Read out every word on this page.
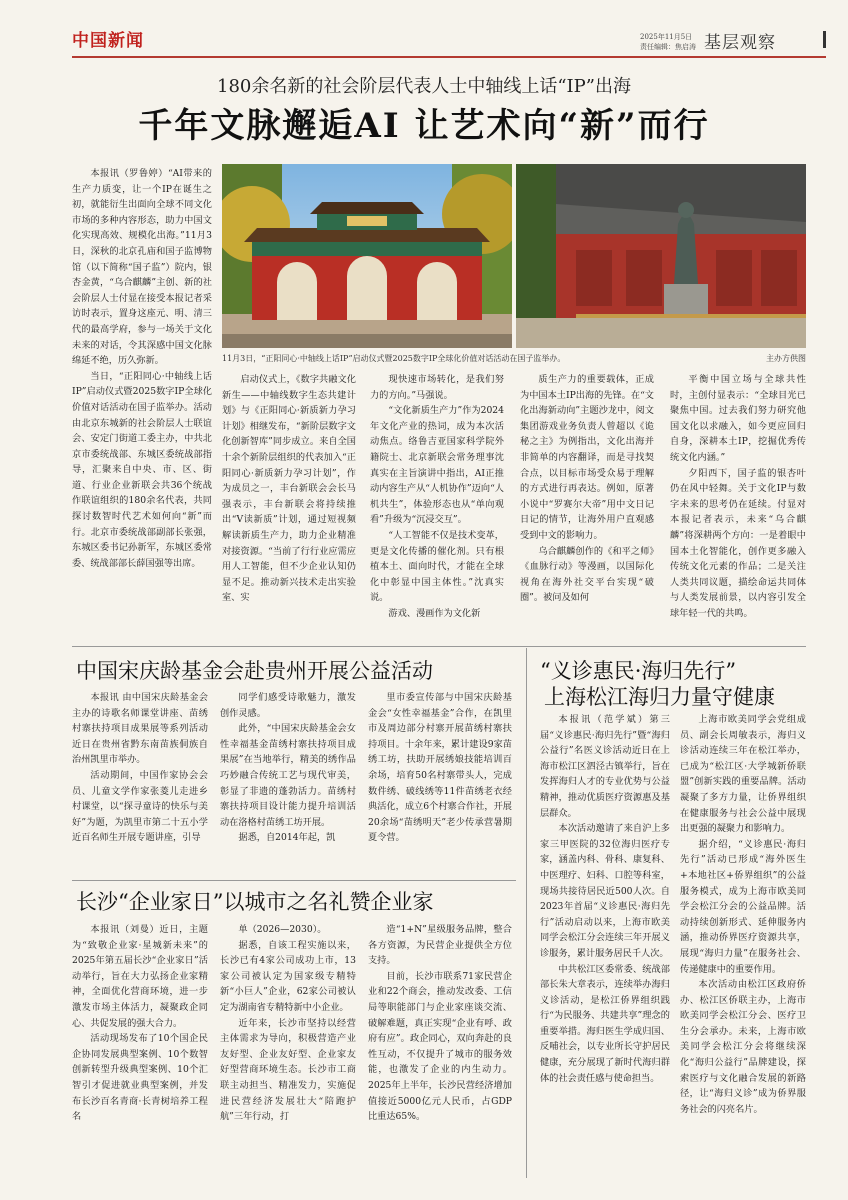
中国新闻	2025年11月5日
责任编辑：焦启涛 基层观察
180余名新的社会阶层代表人士中轴线上话“IP”出海
千年文脉邂逅AI 让艺术向“新”而行

本报讯（罗鲁婷）“AI带来的生产力质变，让一个IP在诞生之初，就能衍生出面向全球不同文化市场的多种内容形态，助力中国文化实现高效、规模化出海。”11月3日，深秋的北京孔庙和国子监博物馆（以下简称“国子监”）院内，银杏金黄，“乌合麒麟”主创、新的社会阶层人士付显在接受本报记者采访时表示，置身这座元、明、清三代的最高学府，参与一场关于文化未来的对话，令其深感中国文化脉绵延不绝，历久弥新。

当日，“正阳同心·中轴线上话IP”启动仪式暨2025数字IP全球化价值对话活动在国子监举办。活动由北京东城新的社会阶层人士联谊会、安定门街道工委主办，中共北京市委统战部、东城区委统战部指导，汇聚来自中央、市、区、街道、行业企业新联会共36个统战作联谊组织的180余名代表，共同探讨数智时代艺术如何向“新”而行。北京市委统战部副部长张强，东城区委书记孙新军，东城区委常委、统战部部长薛国强等出席。

11月3日，“正阳同心·中轴线上话IP”启动仪式暨2025数字IP全球化价值对话活动在国子监举办。	主办方供图

启动仪式上，《数字共融文化新生——中轴线数字生态共建计划》与《正阳同心·新质新力孕习计划》相继发布，“新阶层数字文化创新智库”同步成立。来自全国十余个新阶层组织的代表加入“正阳同心·新质新力孕习计划”，作为成员之一，丰台新联会会长马强表示，丰台新联会将持续推出“V读新质”计划，通过短视频解读新质生产力，助力企业精准对接资源。“当前了行行业应需应用人工智能，但不少企业认知仍显不足。推动新兴技术走出实验室、实

现快速市场转化，是我们努力的方向。”马强说。

“文化新质生产力”作为2024年文化产业的热词，成为本次活动焦点。络鲁吉亚国家科学院外籍院士、北京新联会常务理事沈真实在主旨演讲中指出，AI正推动内容生产从“人机协作”迈向“人机共生”，体验形态也从“单向观看”升级为“沉浸交互”。

“人工智能不仅是技术变革，更是文化传播的催化剂。只有根植本土、面向时代，才能在全球化中彰显中国主体性。”沈真实说。

游戏、漫画作为文化新

质生产力的重要载体，正成为中国本土IP出海的先锋。在“文化出海新动向”主题沙龙中，阅文集团游戏业务负责人曾超以《诡秘之主》为例指出，文化出海并非简单的内容翻译，而是寻找契合点，以目标市场受众易于理解的方式进行再表达。例如，原著小说中“罗赛尔大帝”用中文日记日记的情节，让海外用户直观感受到中文的影响力。

乌合麒麟创作的《和平之师》《血脉行动》等漫画，以国际化视角在海外社交平台实现“破圈”。被问及如何

平衡中国立场与全球共性时，主创付显表示：“全球目光已聚焦中国。过去我们努力研究他国文化以求融入，如今更应回归自身，深耕本土IP，挖掘优秀传统文化内涵。”

夕阳西下，国子监的银杏叶仍在风中轻舞。关于文化IP与数字未来的思考仍在延续。付显对本报记者表示，未来“乌合麒麟”将深耕两个方向：一是着眼中国本土化智能化，创作更多融入传统文化元素的作品；二是关注人类共同议题，描绘命运共同体与人类发展前景，以内容引发全球年轻一代的共鸣。

中国宋庆龄基金会赴贵州开展公益活动

本报讯 由中国宋庆龄基金会主办的诗歌名师课堂讲座、苗绣村寨扶持项目成果展等系列活动近日在贵州省黔东南苗族侗族自治州凯里市举办。

活动期间，中国作家协会会员、儿童文学作家张菱儿走进乡村课堂，以“探寻童诗的快乐与美好”为题，为凯里市第二十五小学近百名师生开展专题讲座，引导

同学们感受诗歌魅力，激发创作灵感。

此外，“中国宋庆龄基金会女性幸福基金苗绣村寨扶持项目成果展”在当地举行，精美的绣作品巧妙融合传统工艺与现代审美，彰显了非遗的蓬勃活力。苗绣村寨扶持项目设计能力提升培训活动在洛格村苗绣工坊开展。

据悉，自2014年起，凯

里市委宣传部与中国宋庆龄基金会“女性幸福基金”合作，在凯里市及周边部分村寨开展苗绣村寨扶持项目。十余年来，累计建设9家苗绣工坊，扶助开展绣娘技能培训百余场，培育50名村寨带头人，完成数件绣、破线绣等11件苗绣老衣经典活化，成立6个村寨合作社，开展20余场“苗绣明天”老少传承营暑期夏令营。

长沙“企业家日”以城市之名礼赞企业家

本报讯（刘曼）近日，主题为“致敬企业家·星城新未来”的2025年第五届长沙“企业家日”活动举行，旨在大力弘扬企业家精神，全面优化营商环境，进一步激发市场主体活力，凝聚政企同心、共促发展的强大合力。

活动现场发布了10个国企民企协同发展典型案例、10个数智创新转型升级典型案例、10个汇智引才促进就业典型案例，并发布长沙百名青商·长青树培养工程名

单（2026—2030）。

据悉，自该工程实施以来，长沙已有4家公司成功上市，13家公司被认定为国家级专精特新“小巨人”企业，62家公司被认定为湖南省专精特新中小企业。

近年来，长沙市坚持以经营主体需求为导向，积极营造产业友好型、企业友好型、企业家友好型营商环境生态。长沙市工商联主动担当、精准发力，实施促进民营经济发展壮大“陪跑护航”三年行动，打

造“1+N”星级服务品牌，整合各方资源，为民营企业提供全方位支持。

目前，长沙市联系71家民营企业和22个商会，推动发改委、工信局等职能部门与企业家座谈交流、破解难题，真正实现“企业有呼、政府有应”。政企同心，双向奔赴的良性互动，不仅提升了城市的服务效能，也激发了企业的内生动力。2025年上半年，长沙民营经济增加值接近5000亿元人民币，占GDP比重达65%。

“义诊惠民·海归先行”
上海松江海归力量守健康

本报讯（范学斌）第三届“义诊惠民·海归先行”暨“海归公益行”名医义诊活动近日在上海市松江区泗泾古镇举行，旨在发挥海归人才的专业优势与公益精神，推动优质医疗资源惠及基层群众。

本次活动邀请了来自沪上多家三甲医院的32位海归医疗专家，涵盖内科、骨科、康复科、中医理疗、妇科、口腔等科室，现场共接待居民近500人次。自2023年首届“义诊惠民·海归先行”活动启动以来，上海市欧美同学会松江分会连续三年开展义诊服务，累计服务居民千人次。

中共松江区委常委、统战部部长朱大章表示，连续举办海归义诊活动，是松江侨界组织践行“为民服务、共建共享”理念的重要举措。海归医生学成归国、反哺社会，以专业所长守护居民健康，充分展现了新时代海归群体的社会责任感与使命担当。

上海市欧美同学会党组成员、副会长周敏表示，海归义诊活动连续三年在松江举办，已成为“松江区·大学城新侨联盟”创新实践的重要品牌。活动凝聚了多方力量，让侨界组织在健康服务与社会公益中展现出更强的凝聚力和影响力。

据介绍，“义诊惠民·海归先行”活动已形成“海外医生+本地社区+侨界组织”的公益服务模式，成为上海市欧美同学会松江分会的公益品牌。活动持续创新形式、延伸服务内涵，推动侨界医疗资源共享，展现“海归力量”在服务社会、传递健康中的重要作用。

本次活动由松江区政府侨办、松江区侨联主办，上海市欧美同学会松江分会、医疗卫生分会承办。未来，上海市欧美同学会松江分会将继续深化“海归公益行”品牌建设，探索医疗与文化融合发展的新路径，让“海归义诊”成为侨界服务社会的闪亮名片。
